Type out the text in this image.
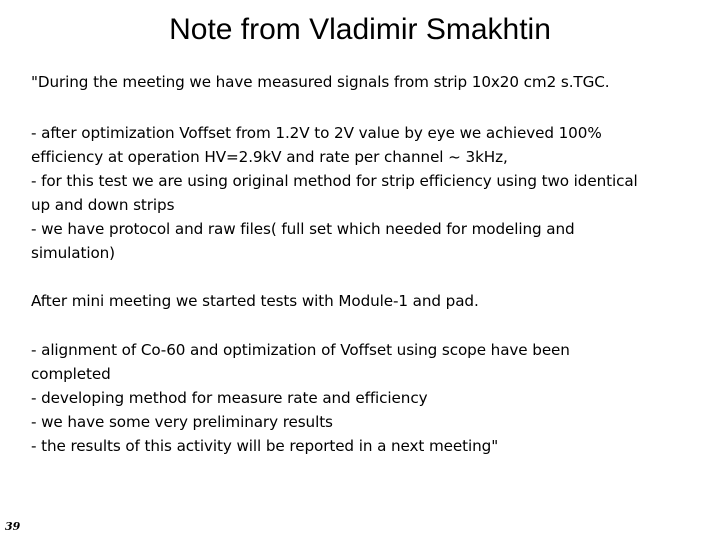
Note from Vladimir Smakhtin
"During the meeting we have measured signals from strip 10x20 cm2 s.TGC.
- after optimization Voffset from 1.2V to 2V value by eye we achieved 100%
efficiency at operation HV=2.9kV and rate per channel ~ 3kHz,
- for this test we are using original method for strip efficiency using two identical
up and down strips
- we have protocol and raw files( full set which needed for modeling and
simulation)
After mini meeting we started tests with Module-1 and pad.
- alignment of Co-60 and optimization of Voffset using scope have been
completed
- developing method for measure rate and efficiency
- we have some very preliminary results
- the results of this activity will be reported in a next meeting"
39
